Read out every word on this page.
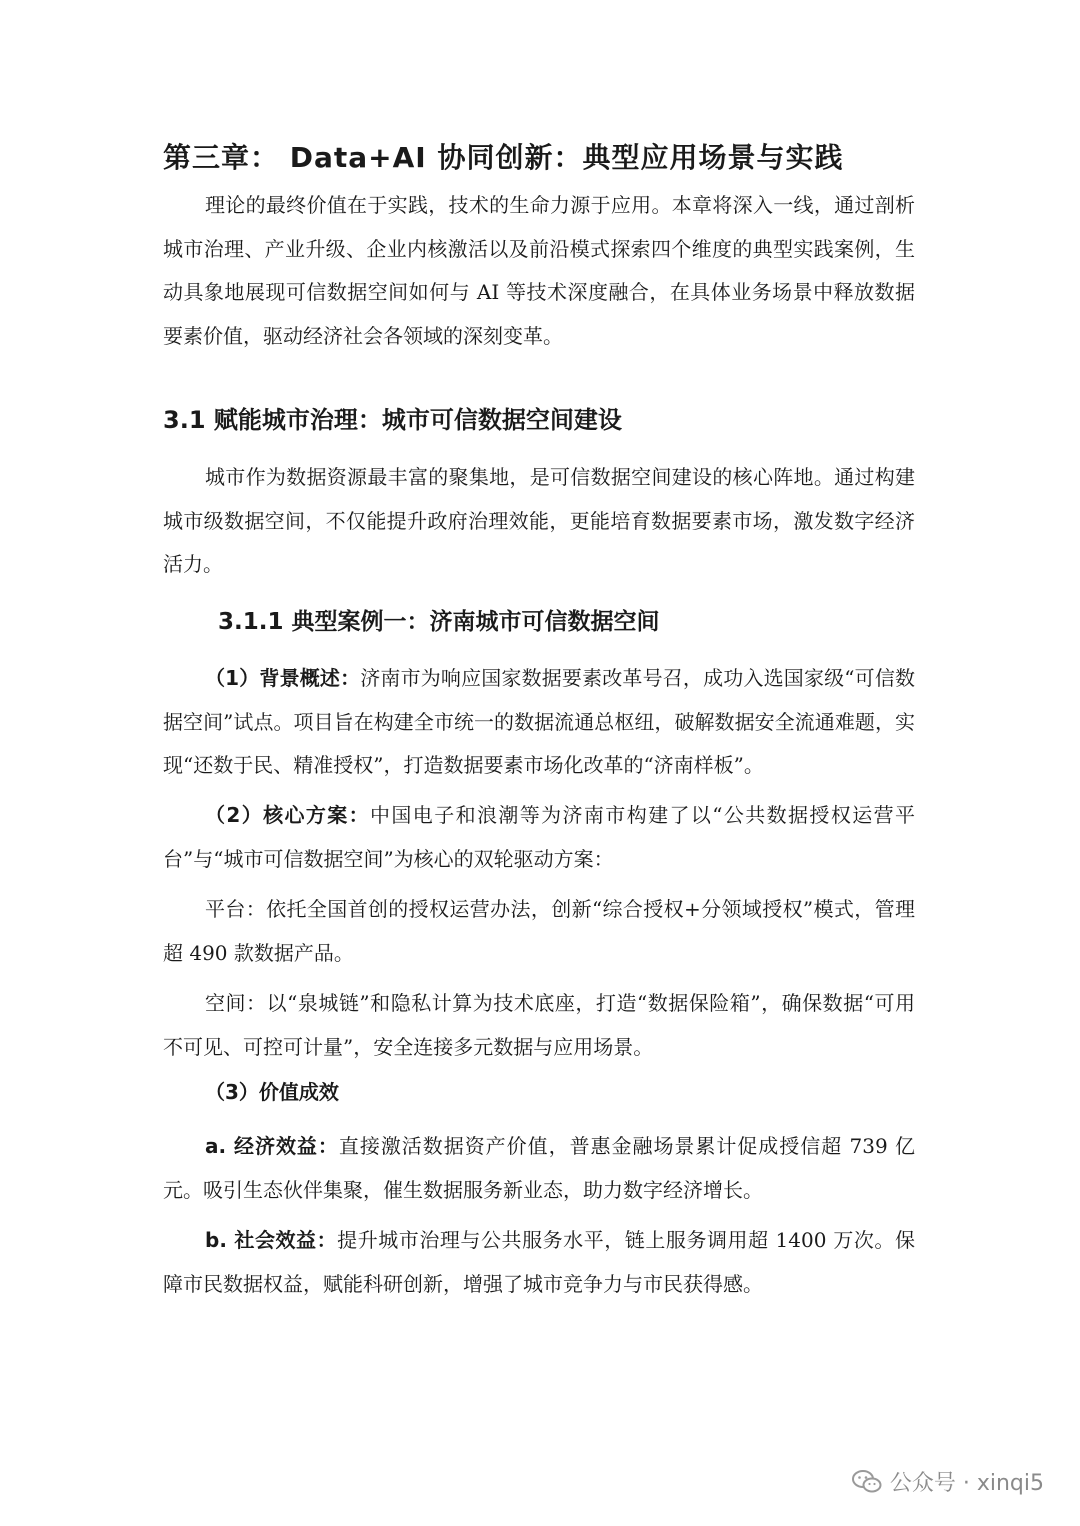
第三章： Data+AI 协同创新：典型应用场景与实践

理论的最终价值在于实践，技术的生命力源于应用。本章将深入一线，通过剖析城市治理、产业升级、企业内核激活以及前沿模式探索四个维度的典型实践案例，生动具象地展现可信数据空间如何与 AI 等技术深度融合，在具体业务场景中释放数据要素价值，驱动经济社会各领域的深刻变革。

3.1 赋能城市治理：城市可信数据空间建设

城市作为数据资源最丰富的聚集地，是可信数据空间建设的核心阵地。通过构建城市级数据空间，不仅能提升政府治理效能，更能培育数据要素市场，激发数字经济活力。

3.1.1 典型案例一：济南城市可信数据空间

（1）背景概述：济南市为响应国家数据要素改革号召，成功入选国家级“可信数据空间”试点。项目旨在构建全市统一的数据流通总枢纽，破解数据安全流通难题，实现“还数于民、精准授权”，打造数据要素市场化改革的“济南样板”。

（2）核心方案：中国电子和浪潮等为济南市构建了以“公共数据授权运营平台”与“城市可信数据空间”为核心的双轮驱动方案：

平台：依托全国首创的授权运营办法，创新“综合授权+分领域授权”模式，管理超 490 款数据产品。

空间：以“泉城链”和隐私计算为技术底座，打造“数据保险箱”，确保数据“可用不可见、可控可计量”，安全连接多元数据与应用场景。

（3）价值成效

a. 经济效益：直接激活数据资产价值，普惠金融场景累计促成授信超 739 亿元。吸引生态伙伴集聚，催生数据服务新业态，助力数字经济增长。

b. 社会效益：提升城市治理与公共服务水平，链上服务调用超 1400 万次。保障市民数据权益，赋能科研创新，增强了城市竞争力与市民获得感。

公众号 · xinqi5
